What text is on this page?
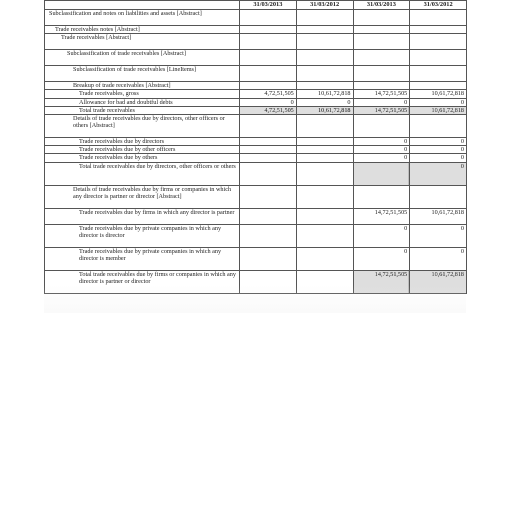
	31/03/2013	31/03/2012	31/03/2013	31/03/2012
Subclassification and notes on liabilities and assets [Abstract]				
Trade receivables notes [Abstract]				
Trade receivables [Abstract]				
Subclassification of trade receivables [Abstract]				
Subclassification of trade receivables [LineItems]				
Breakup of trade receivables [Abstract]				
Trade receivables, gross	4,72,51,505	10,61,72,818	14,72,51,505	10,61,72,818
Allowance for bad and doubtful debts	0	0	0	0
Total trade receivables	4,72,51,505	10,61,72,818	14,72,51,505	10,61,72,818
Details of trade receivables due by directors, other officers or others [Abstract]				
Trade receivables due by directors			0	0
Trade receivables due by other officers			0	0
Trade receivables due by others			0	0
Total trade receivables due by directors, other officers or others				0
Details of trade receivables due by firms or companies in which any director is partner or director [Abstract]				
Trade receivables due by firms in which any director is partner			14,72,51,505	10,61,72,818
Trade receivables due by private companies in which any director is director			0	0
Trade receivables due by private companies in which any director is member			0	0
Total trade receivables due by firms or companies in which any director is partner or director			14,72,51,505	10,61,72,818
